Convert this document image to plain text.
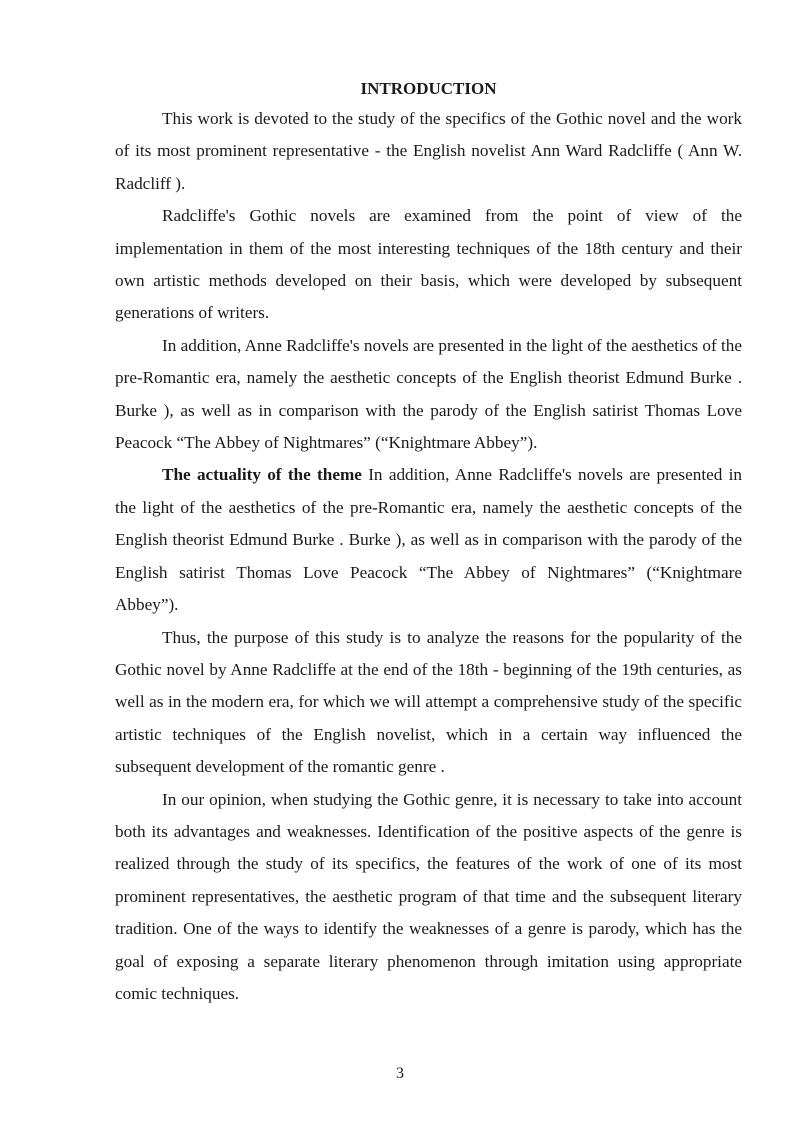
INTRODUCTION

This work is devoted to the study of the specifics of the Gothic novel and the work of its most prominent representative - the English novelist Ann Ward Radcliffe ( Ann W. Radcliff ).

Radcliffe's Gothic novels are examined from the point of view of the implementation in them of the most interesting techniques of the 18th century and their own artistic methods developed on their basis, which were developed by subsequent generations of writers.

In addition, Anne Radcliffe's novels are presented in the light of the aesthetics of the pre-Romantic era, namely the aesthetic concepts of the English theorist Edmund Burke . Burke ), as well as in comparison with the parody of the English satirist Thomas Love Peacock “The Abbey of Nightmares” (“Knightmare Abbey”).

The actuality of the theme In addition, Anne Radcliffe's novels are presented in the light of the aesthetics of the pre-Romantic era, namely the aesthetic concepts of the English theorist Edmund Burke . Burke ), as well as in comparison with the parody of the English satirist Thomas Love Peacock “The Abbey of Nightmares” (“Knightmare Abbey”).

Thus, the purpose of this study is to analyze the reasons for the popularity of the Gothic novel by Anne Radcliffe at the end of the 18th - beginning of the 19th centuries, as well as in the modern era, for which we will attempt a comprehensive study of the specific artistic techniques of the English novelist, which in a certain way influenced the subsequent development of the romantic genre .

In our opinion, when studying the Gothic genre, it is necessary to take into account both its advantages and weaknesses. Identification of the positive aspects of the genre is realized through the study of its specifics, the features of the work of one of its most prominent representatives, the aesthetic program of that time and the subsequent literary tradition. One of the ways to identify the weaknesses of a genre is parody, which has the goal of exposing a separate literary phenomenon through imitation using appropriate comic techniques.

3
